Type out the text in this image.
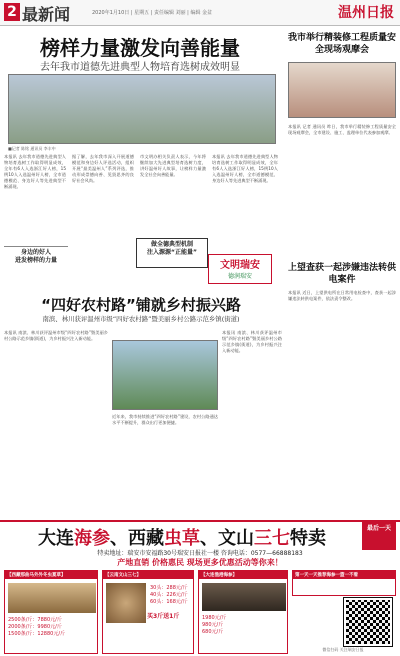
2 最新闻	2020年1月10日 | 星期五 | 责任编辑 刘丽 | 编辑 金盆	温州日报
榜样力量激发向善能量
去年我市道德先进典型人物培育选树成效明显
■记者 陈铭 通讯员 李丰中
本报讯 去年我市道德先进典型人物培育选树工作取得明显成效，全年有6人入选浙江好人榜，15例10人入选温州好人榜，全市道德模范、身边好人等先进典型不断涌现。
据了解，去年我市深入开展道德模范和身边好人评选活动，组织开展“最美温州人”系列评选，推动形成崇德向善、见贤思齐的良好社会风尚。
市文明办相关负责人表示，今年将继续加大先进典型培育选树力度，讲好温州好人故事，让榜样力量激发全社会向善能量。
本报讯 去年我市道德先进典型人物培育选树工作取得明显成效，全年有6人入选浙江好人榜，15例10人入选温州好人榜，全市道德模范、身边好人等先进典型不断涌现。
身边的好人
进发榜样的力量
做全德典型机制
注入源源“正能量”
文明瑞安
德润瑞安
我市举行精装修工程质量安全现场观摩会
本报讯 记者 通讯员 昨日，我市举行精装修工程质量安全现场观摩会，全市建设、施工、监理单位代表参加观摩。
上望查获一起涉嫌违法转供电案件
本报讯 近日，上望供电所在日常用电检查中，查获一起涉嫌违法转供电案件，依法责令整改。
“四好农村路”铺就乡村振兴路
南滨、林川获评温州市级“四好农村路”暨美丽乡村公路示范乡镇(街道)
本报讯 南滨、林川获评温州市级“四好农村路”暨美丽乡村公路示范乡镇(街道)，为乡村振兴注入新动能。
近年来，我市持续推进“四好农村路”建设，农村公路通达水平不断提升，群众出行更加便捷。
本报讯 南滨、林川获评温州市级“四好农村路”暨美丽乡村公路示范乡镇(街道)，为乡村振兴注入新动能。
大连海参、西藏虫草、文山三七特卖	最后一天
特卖地址：瑞安市安福路30号瑞安日报社一楼 咨询电话：0577—66888183
产地直销 价格惠民 现场更多优惠活动等你来！
【西藏那曲马外外冬虫夏草】
2500条/斤：7880元/斤
2000条/斤：9980元/斤
1500条/斤：12880元/斤
【云南文山三七】
30头：288元/斤
40头：226元/斤
60头：168元/斤
买3斤送1斤
【大连渔港海参】
1980元/斤
980元/斤
680元/斤
第一天一天推荐海参一篮一不看
微信扫码 关注瑞安日报
